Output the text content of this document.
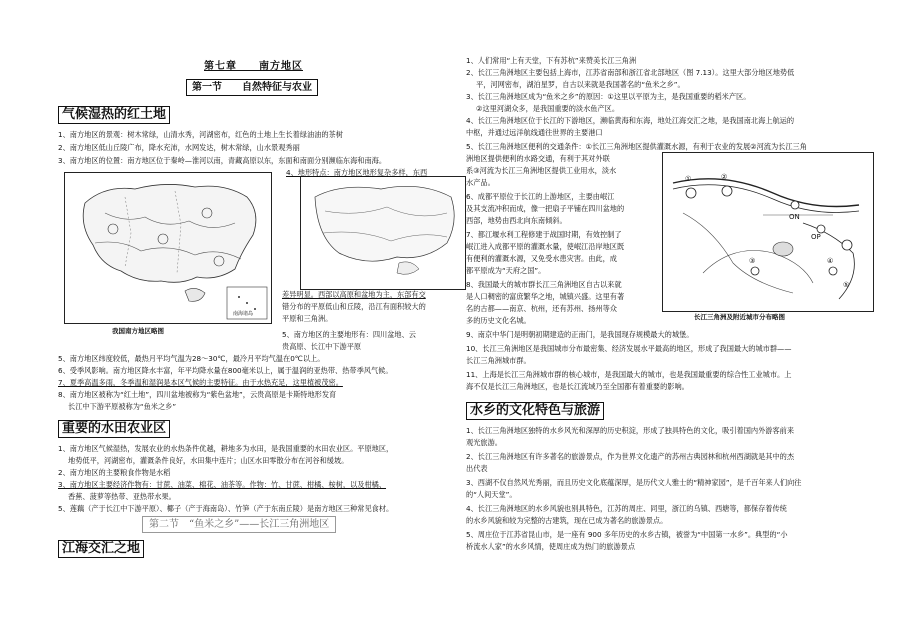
第七章　　南方地区
第一节　　自然特征与农业
气候湿热的红土地
1、南方地区的景观：树木常绿，山清水秀，河湖密布，红色的土地上生长着绿油油的茶树
2、南方地区低山丘陵广布，降水充沛，水网发达，树木常绿，山水景观秀丽
3、南方地区的位置：南方地区位于秦岭—淮河以南，青藏高原以东，东面和南面分别濒临东海和南海。
南海诸岛
我国南方地区略图
4、地形特点：南方地区地形复杂多样，东西
差异明显。西部以高原和盆地为主，东部有交
错分布的平原低山和丘陵，沿江有面积较大的
平原和三角洲。
5、南方地区的主要地形有：四川盆地、云
贵高原、长江中下游平原
5、南方地区纬度较低，最热月平均气温为28～30℃，最冷月平均气温在0℃以上。
6、受季风影响。南方地区降水丰富，年平均降水量在800毫米以上，属于温润的亚热带、热带季风气候。
7、夏季高温多雨，冬季温和湿润是本区气候的主要特征。由于水热充足，这里植被茂密。
8、南方地区被称为“红土地”，四川盆地被称为“紫色盆地”，云贵高原是卡斯特地形发育
长江中下游平原被称为“鱼米之乡”
重要的水田农业区
1、南方地区气候湿热，发展农业的水热条件优越，耕地多为水田，是我国重要的水田农业区。平原地区，
地势低平，河湖密布，灌溉条件良好，水田集中连片；山区水田零散分布在河谷和缓坡。
2、南方地区的主要粮食作物是水稻
3、南方地区主要经济作物有：甘蔗、油菜、棉花、油茶等。作物：竹、甘蔗、柑橘、桉树，以及柑橘、
香蕉、菠萝等热带、亚热带水果。
5、莲藕（产于长江中下游平原）、椰子（产于海南岛）、竹笋（产于东南丘陵）是南方地区三种常见食材。
第二节　“鱼米之乡”——长江三角洲地区
江海交汇之地
1、人们常用“上有天堂，下有苏杭”来赞美长江三角洲
2、长江三角洲地区主要包括上海市，江苏省南部和浙江省北部地区（图 7.13）。这里大部分地区地势低
平，河网密布，湖泊星罗，自古以来就是我国著名的“鱼米之乡”。
3、长江三角洲地区成为“鱼米之乡”的原因：①这里以平原为主，是我国重要的稻米产区。
②这里河湖众多，是我国重要的淡水鱼产区。
4、长江三角洲地区位于长江的下游地区，濒临黄海和东海，地处江海交汇之地，是我国南北海上航运的
中枢，并通过远洋航线通往世界的主要港口
5、长江三角洲地区便利的交通条件：①长江三角洲地区提供灌溉水源，有利于农业的发展②河流为长江三角
洲地区提供便利的水路交通，有利于其对外联
系③河流为长江三角洲地区提供工业用水，淡水
水产品。
6、成都平原位于长江的上游地区，主要由岷江
及其支流冲积而成，像一把扇子平铺在四川盆地的
西部，地势由西北向东南倾斜。
7、都江堰水利工程修建于战国时期，有效控制了
岷江进入成都平原的灌溉水量，使岷江沿岸地区既
有便利的灌溉水源，又免受水患灾害。由此，成
都平原成为“天府之国”。
8、我国最大的城市群长江三角洲地区自古以来就
是人口稠密的富庶繁华之地，城镇兴盛。这里有著
名的古都——南京、杭州，还有苏州、扬州等众
多的历史文化名城。
ON
OP
①	②
③	④
⑤
长江三角洲及附近城市分布略图
9、南京中华门是明朝初期建造的正南门，是我国现存规模最大的城堡。
10、长江三角洲地区是我国城市分布最密集、经济发展水平最高的地区，形成了我国最大的城市群——
长江三角洲城市群。
11、上海是长江三角洲城市群的核心城市，是我国最大的城市，也是我国最重要的综合性工业城市。上
海不仅是长江三角洲地区，也是长江流域乃至全国都有着重要的影响。
水乡的文化特色与旅游
1、长江三角洲地区独特的水乡风光和深厚的历史积淀，形成了独具特色的文化，吸引着国内外游客前来
观光旅游。
2、长江三角洲地区有许多著名的旅游景点，作为世界文化遗产的苏州古典园林和杭州西湖就是其中的杰
出代表
3、西湖不仅自然风光秀丽，而且历史文化底蕴深厚，是历代文人雅士的“精神家园”，是千百年来人们向往
的“人间天堂”。
4、长江三角洲地区的水乡风貌也别具特色，江苏的周庄、同里，浙江的乌镇、西塘等，都保存着传统
的水乡风貌和较为完整的古建筑，现在已成为著名的旅游景点。
5、周庄位于江苏省昆山市，是一座有 900 多年历史的水乡古镇，被誉为“中国第一水乡”。典型的“小
桥流水人家”的水乡风情，使周庄成为热门的旅游景点
